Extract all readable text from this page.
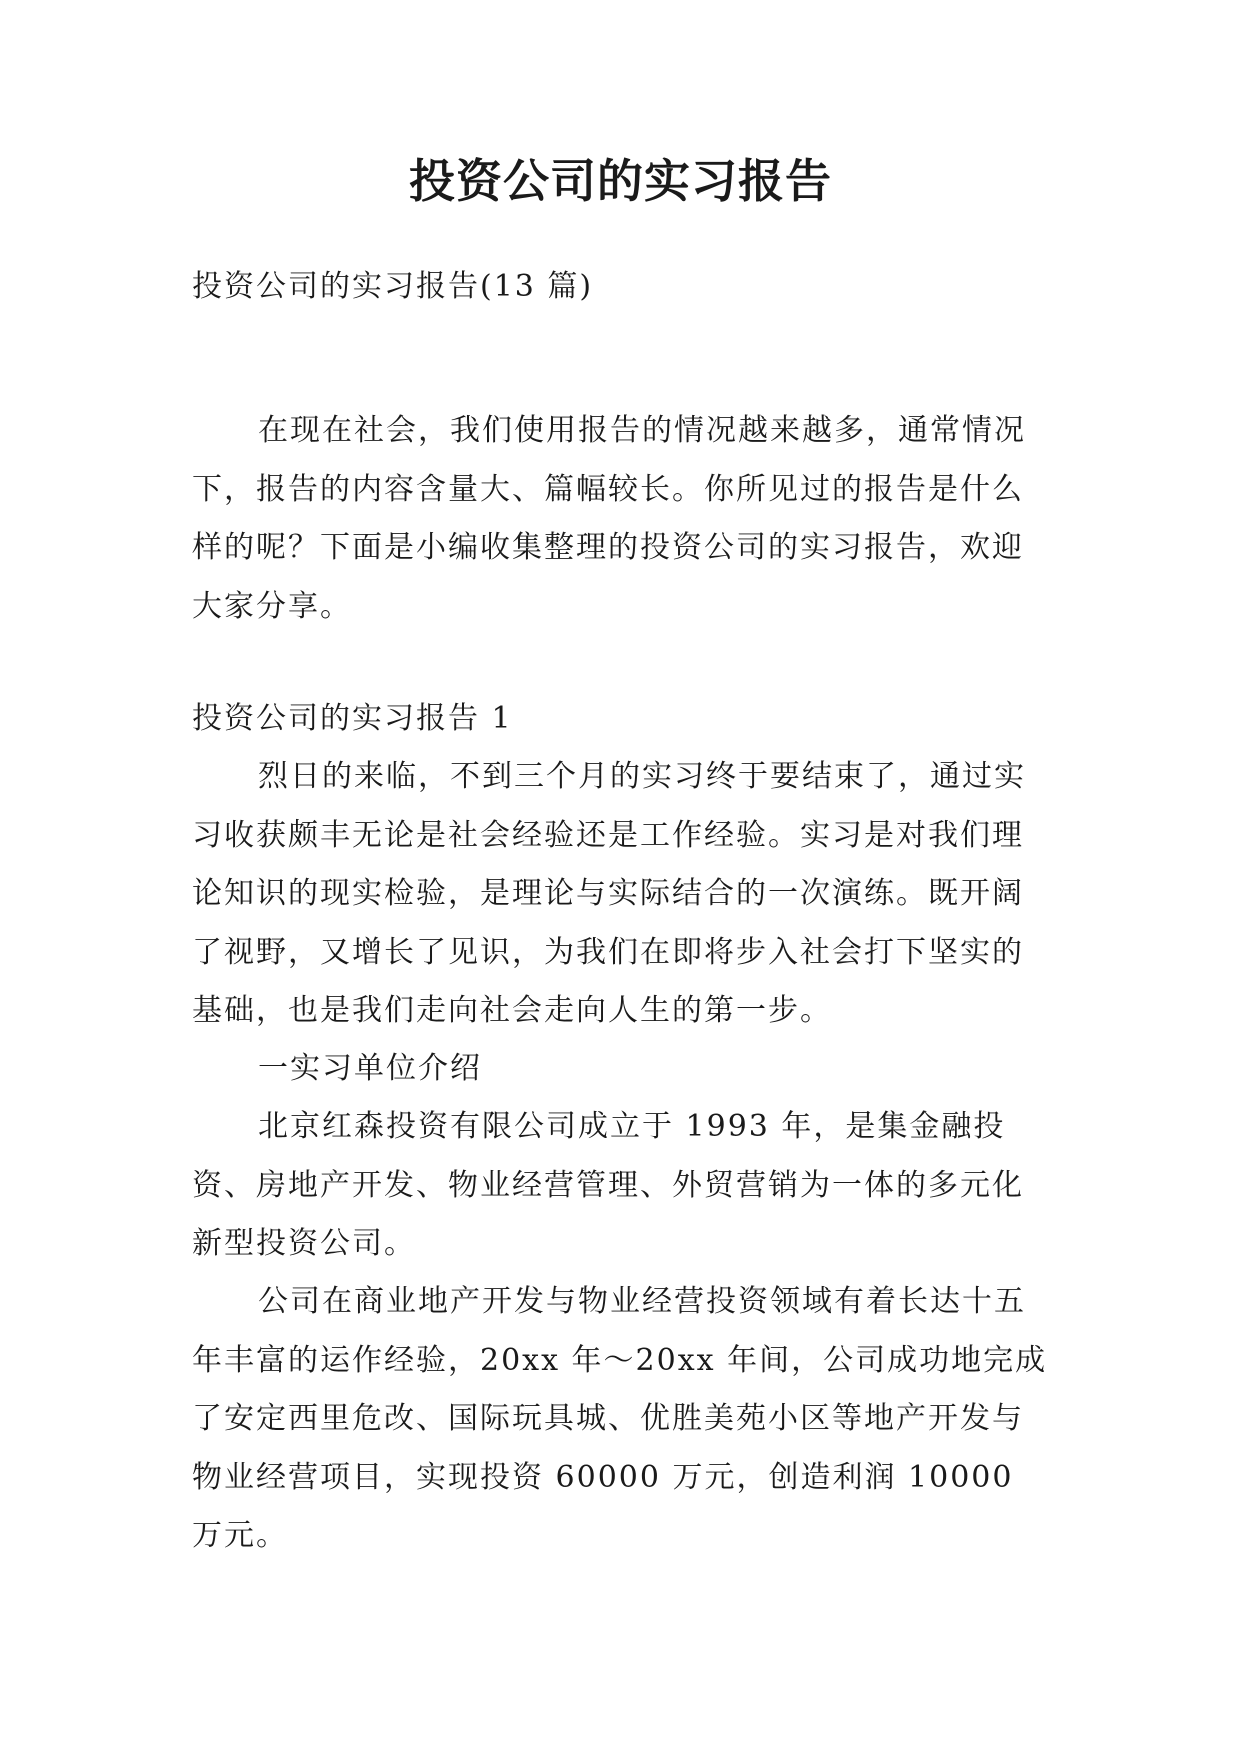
投资公司的实习报告

投资公司的实习报告(13 篇)

在现在社会，我们使用报告的情况越来越多，通常情况下，报告的内容含量大、篇幅较长。你所见过的报告是什么样的呢？下面是小编收集整理的投资公司的实习报告，欢迎大家分享。

投资公司的实习报告 1

烈日的来临，不到三个月的实习终于要结束了，通过实习收获颇丰无论是社会经验还是工作经验。实习是对我们理论知识的现实检验，是理论与实际结合的一次演练。既开阔了视野，又增长了见识，为我们在即将步入社会打下坚实的基础，也是我们走向社会走向人生的第一步。

一实习单位介绍

北京红森投资有限公司成立于 1993 年，是集金融投资、房地产开发、物业经营管理、外贸营销为一体的多元化新型投资公司。

公司在商业地产开发与物业经营投资领域有着长达十五年丰富的运作经验，20xx 年～20xx 年间，公司成功地完成了安定西里危改、国际玩具城、优胜美苑小区等地产开发与物业经营项目，实现投资 60000 万元，创造利润 10000 万元。
